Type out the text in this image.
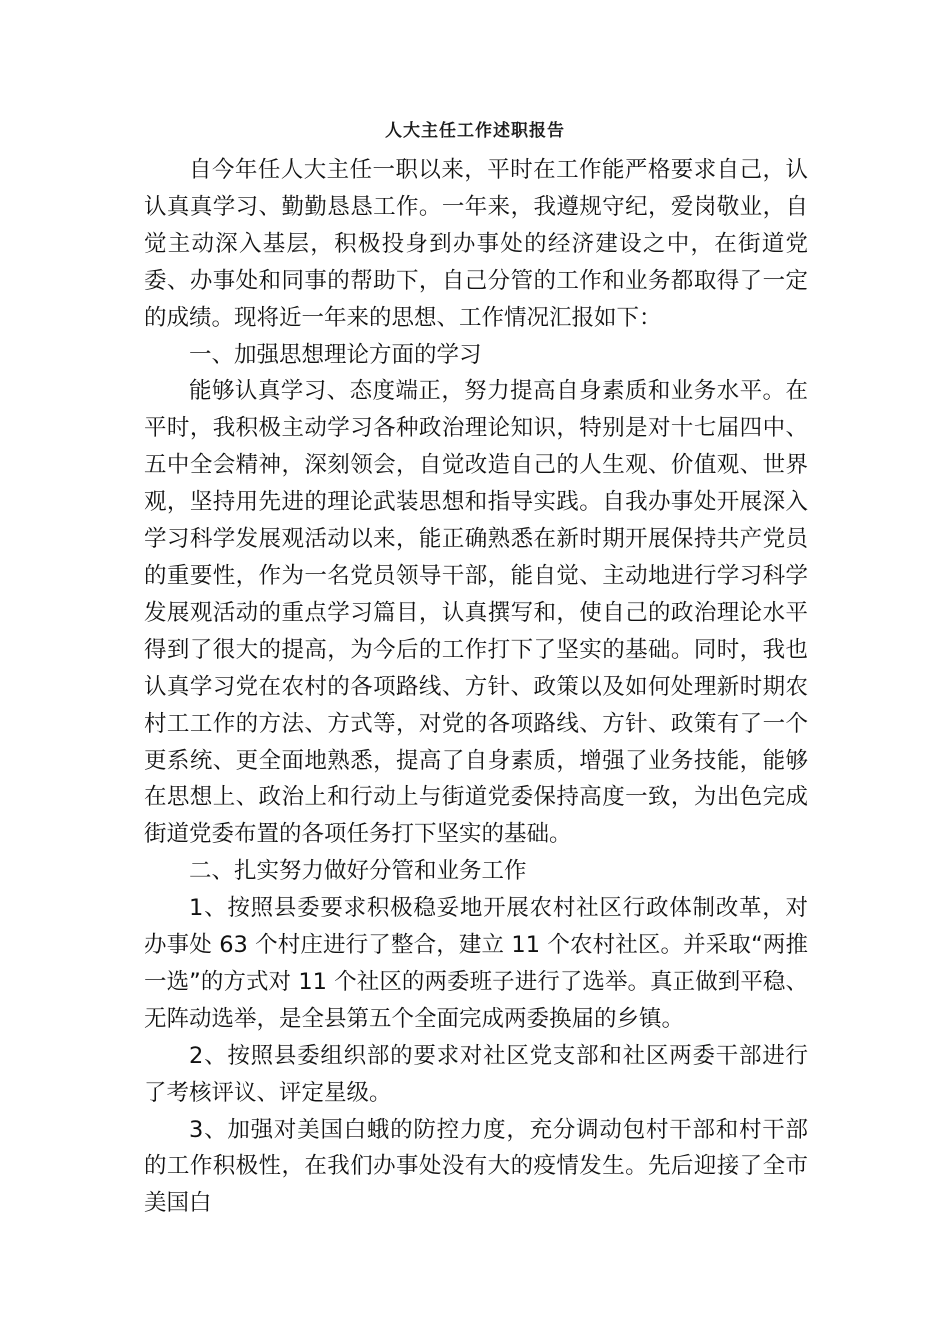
人大主任工作述职报告

自今年任人大主任一职以来，平时在工作能严格要求自己，认认真真学习、勤勤恳恳工作。一年来，我遵规守纪，爱岗敬业，自觉主动深入基层，积极投身到办事处的经济建设之中，在街道党委、办事处和同事的帮助下，自己分管的工作和业务都取得了一定的成绩。现将近一年来的思想、工作情况汇报如下：

一、加强思想理论方面的学习

能够认真学习、态度端正，努力提高自身素质和业务水平。在平时，我积极主动学习各种政治理论知识，特别是对十七届四中、五中全会精神，深刻领会，自觉改造自己的人生观、价值观、世界观，坚持用先进的理论武装思想和指导实践。自我办事处开展深入学习科学发展观活动以来，能正确熟悉在新时期开展保持共产党员的重要性，作为一名党员领导干部，能自觉、主动地进行学习科学发展观活动的重点学习篇目，认真撰写和，使自己的政治理论水平得到了很大的提高，为今后的工作打下了坚实的基础。同时，我也认真学习党在农村的各项路线、方针、政策以及如何处理新时期农村工工作的方法、方式等，对党的各项路线、方针、政策有了一个更系统、更全面地熟悉，提高了自身素质，增强了业务技能，能够在思想上、政治上和行动上与街道党委保持高度一致，为出色完成街道党委布置的各项任务打下坚实的基础。

二、扎实努力做好分管和业务工作

1、按照县委要求积极稳妥地开展农村社区行政体制改革，对办事处 63 个村庄进行了整合，建立 11 个农村社区。并采取“两推一选”的方式对 11 个社区的两委班子进行了选举。真正做到平稳、无阵动选举，是全县第五个全面完成两委换届的乡镇。

2、按照县委组织部的要求对社区党支部和社区两委干部进行了考核评议、评定星级。

3、加强对美国白蛾的防控力度，充分调动包村干部和村干部的工作积极性，在我们办事处没有大的疫情发生。先后迎接了全市美国白
